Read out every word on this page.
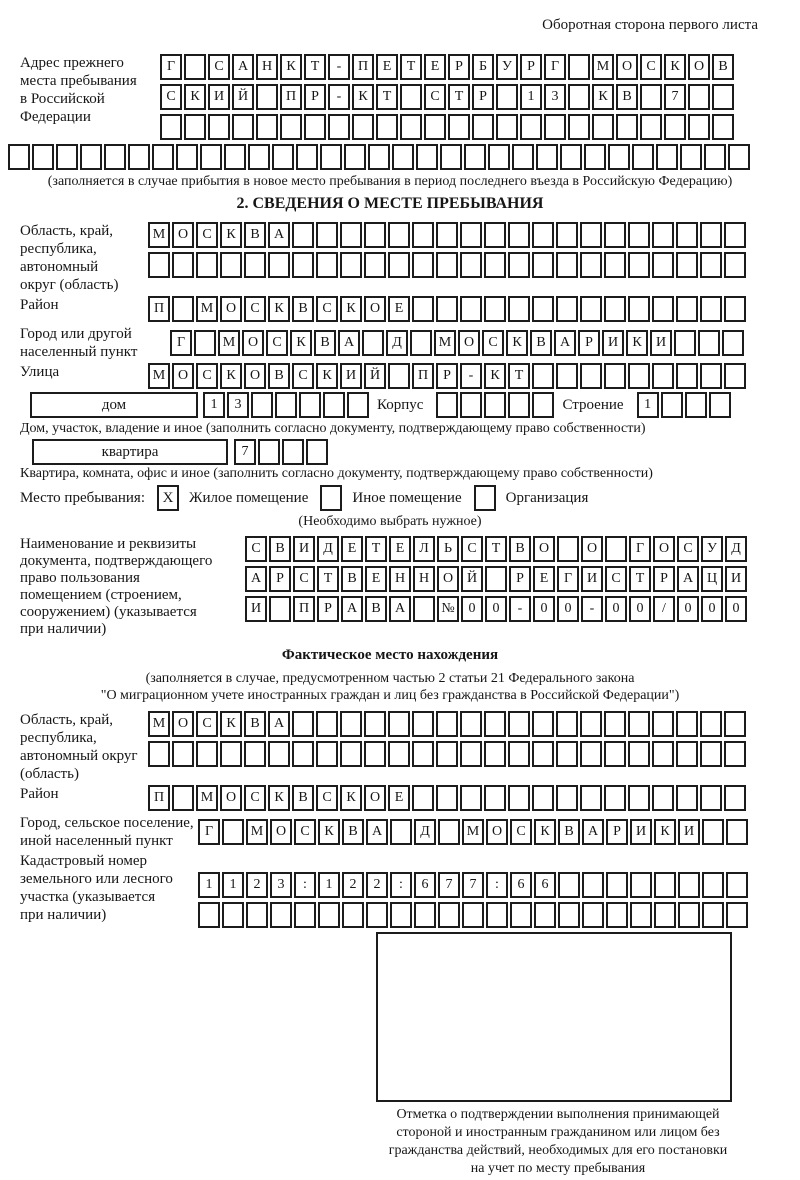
Оборотная сторона первого листа
Адрес прежнего
места пребывания
в Российской
Федерации
Г	С	А Н	К	Т	-	П	Е	Т	Е	Р	Б	У	Р	Г	М О	С	К	О	В
С	К	И Й	П	Р	-	К	Т	С	Т	Р	1	3	К	В	7
(заполняется в случае прибытия в новое место пребывания в период последнего въезда в Российскую Федерацию)
2. СВЕДЕНИЯ О МЕСТЕ ПРЕБЫВАНИЯ
Область, край,
республика,
автономный
округ (область)
М О	С	К	В	А
Район	П	М О	С	К	В	С	К	О	Е
Город или другой
населенный пункт
Г	М О	С	К	В	А	Д	М О	С	К	В	А	Р	И	К	И
Улица	М О	С	К	О	В	С	К	И Й	П	Р	-	К	Т
дом	1	3	Корпус	Строение	1
Дом, участок, владение и иное (заполнить согласно документу, подтверждающему право собственности)
квартира	7
Квартира, комната, офис и иное (заполнить согласно документу, подтверждающему право собственности)
Место пребывания:	X	Жилое помещение	Иное помещение	Организация
(Необходимо выбрать нужное)
Наименование и реквизиты
документа, подтверждающего
право пользования
помещением (строением,
сооружением) (указывается
при наличии)
С	В	И	Д	Е	Т	Е	Л	Ь	С	Т	В	О	О	Г	О	С	У	Д
А	Р	С	Т	В	Е	Н Н О Й	Р	Е	Г	И	С	Т	Р	А Ц И
И	П	Р	А	В	А	№ 0	0	-	0	0	-	0	0	/	0	0	0
Фактическое место нахождения
(заполняется в случае, предусмотренном частью 2 статьи 21 Федерального закона
"О миграционном учете иностранных граждан и лиц без гражданства в Российской Федерации")
Область, край,
республика,
автономный округ
(область)
М О	С	К	В	А
Район	П	М О	С	К	В	С	К	О	Е
Город, сельское поселение,
иной населенный пункт
Г	М О	С	К	В	А	Д	М О	С	К	В	А	Р	И	К	И
Кадастровый номер
земельного или лесного
участка (указывается
при наличии)
1	1	2	3	:	1	2	2	:	6	7	7	:	6	6
Отметка о подтверждении выполнения принимающей
стороной и иностранным гражданином или лицом без
гражданства действий, необходимых для его постановки
на учет по месту пребывания
